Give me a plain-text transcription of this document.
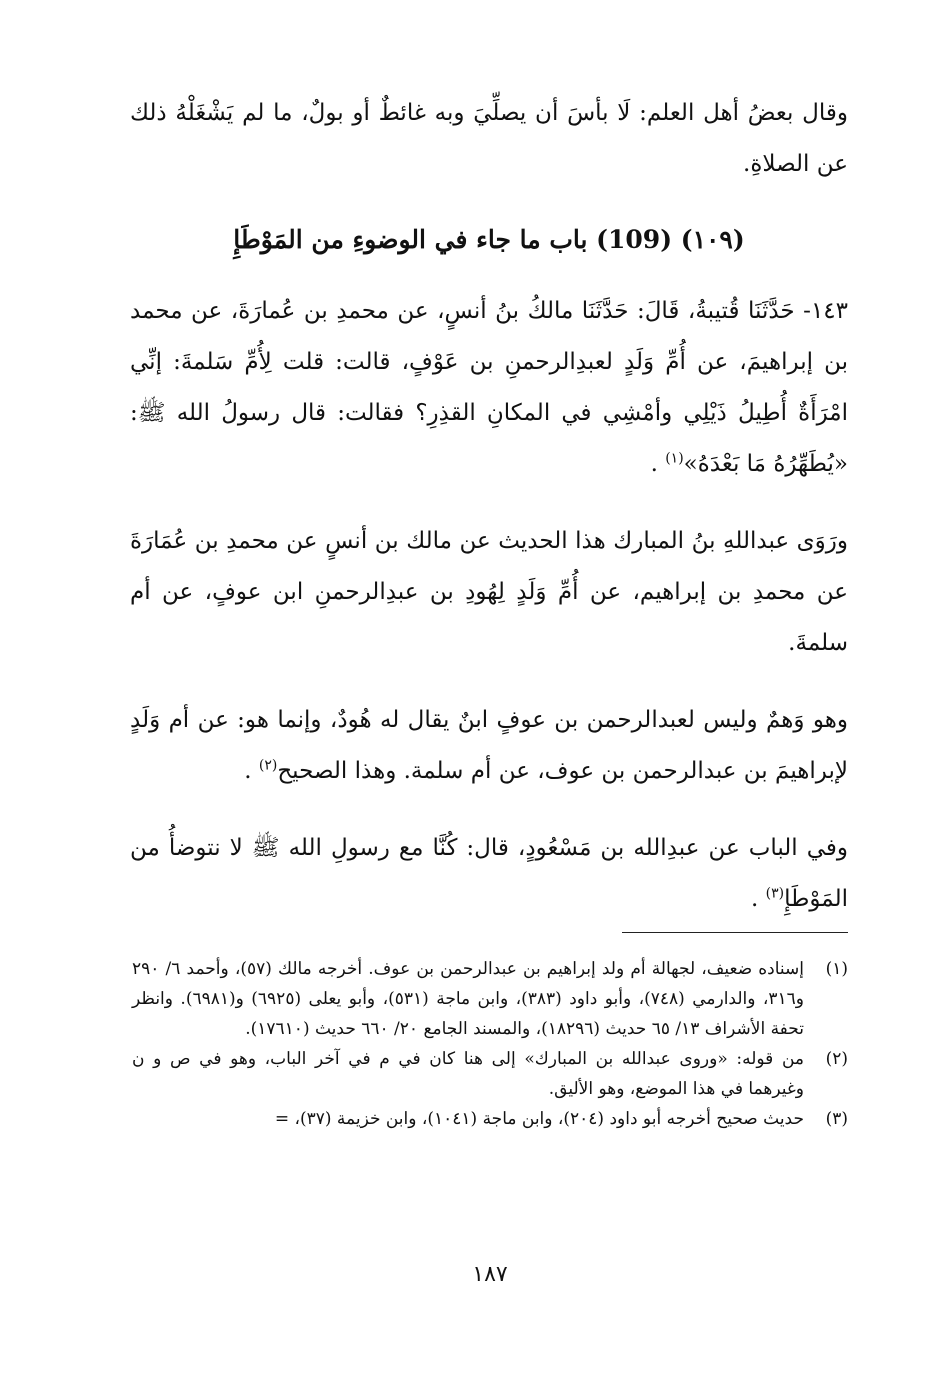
وقال بعضُ أهل العلم: لَا بأسَ أن يصلِّيَ وبه غائطٌ أو بولٌ، ما لم يَشْغَلْهُ ذلك عن الصلاةِ.

(١٠٩) (109) باب ما جاء في الوضوءِ من المَوْطَإِ

١٤٣- حَدَّثَنَا قُتيبةُ، قَالَ: حَدَّثَنَا مالكُ بنُ أنسٍ، عن محمدِ بن عُمارَةَ، عن محمد بن إبراهيمَ، عن أُمِّ وَلَدٍ لعبدِالرحمنِ بن عَوْفٍ، قالت: قلت لِأُمِّ سَلمةَ: إنِّي امْرَأَةٌ أُطِيلُ ذَيْلِي وأمْشِي في المكانِ القذِرِ؟ فقالت: قال رسولُ الله ﷺ: «يُطَهِّرُهُ مَا بَعْدَهُ»$^{(١)}$ .

ورَوَى عبداللهِ بنُ المبارك هذا الحديث عن مالك بن أنسٍ عن محمدِ بن عُمَارَةَ عن محمدِ بن إبراهيم، عن أُمِّ وَلَدٍ لِهُودِ بن عبدِالرحمنِ ابن عوفٍ، عن أم سلمةَ.

وهو وَهمٌ وليس لعبدالرحمن بن عوفٍ ابنٌ يقال له هُودٌ، وإنما هو: عن أم وَلَدٍ لإبراهيمَ بن عبدالرحمن بن عوف، عن أم سلمة. وهذا الصحيح$^{(٢)}$ .

وفي الباب عن عبدِالله بن مَسْعُودٍ، قال: كُنَّا مع رسولِ الله ﷺ لا نتوضأُ من المَوْطَإِ$^{(٣)}$ .

(١)
إسناده ضعيف، لجهالة أم ولد إبراهيم بن عبدالرحمن بن عوف. أخرجه مالك (٥٧)، وأحمد ٦/ ٢٩٠ و٣١٦، والدارمي (٧٤٨)، وأبو داود (٣٨٣)، وابن ماجة (٥٣١)، وأبو يعلى (٦٩٢٥) و(٦٩٨١). وانظر تحفة الأشراف ١٣/ ٦٥ حديث (١٨٢٩٦)، والمسند الجامع ٢٠/ ٦٦٠ حديث (١٧٦١٠).
(٢)
من قوله: «وروى عبدالله بن المبارك» إلى هنا كان في م في آخر الباب، وهو في ص و ن وغيرهما في هذا الموضع، وهو الأليق.
(٣)
حديث صحيح أخرجه أبو داود (٢٠٤)، وابن ماجة (١٠٤١)، وابن خزيمة (٣٧)، =
١٨٧
